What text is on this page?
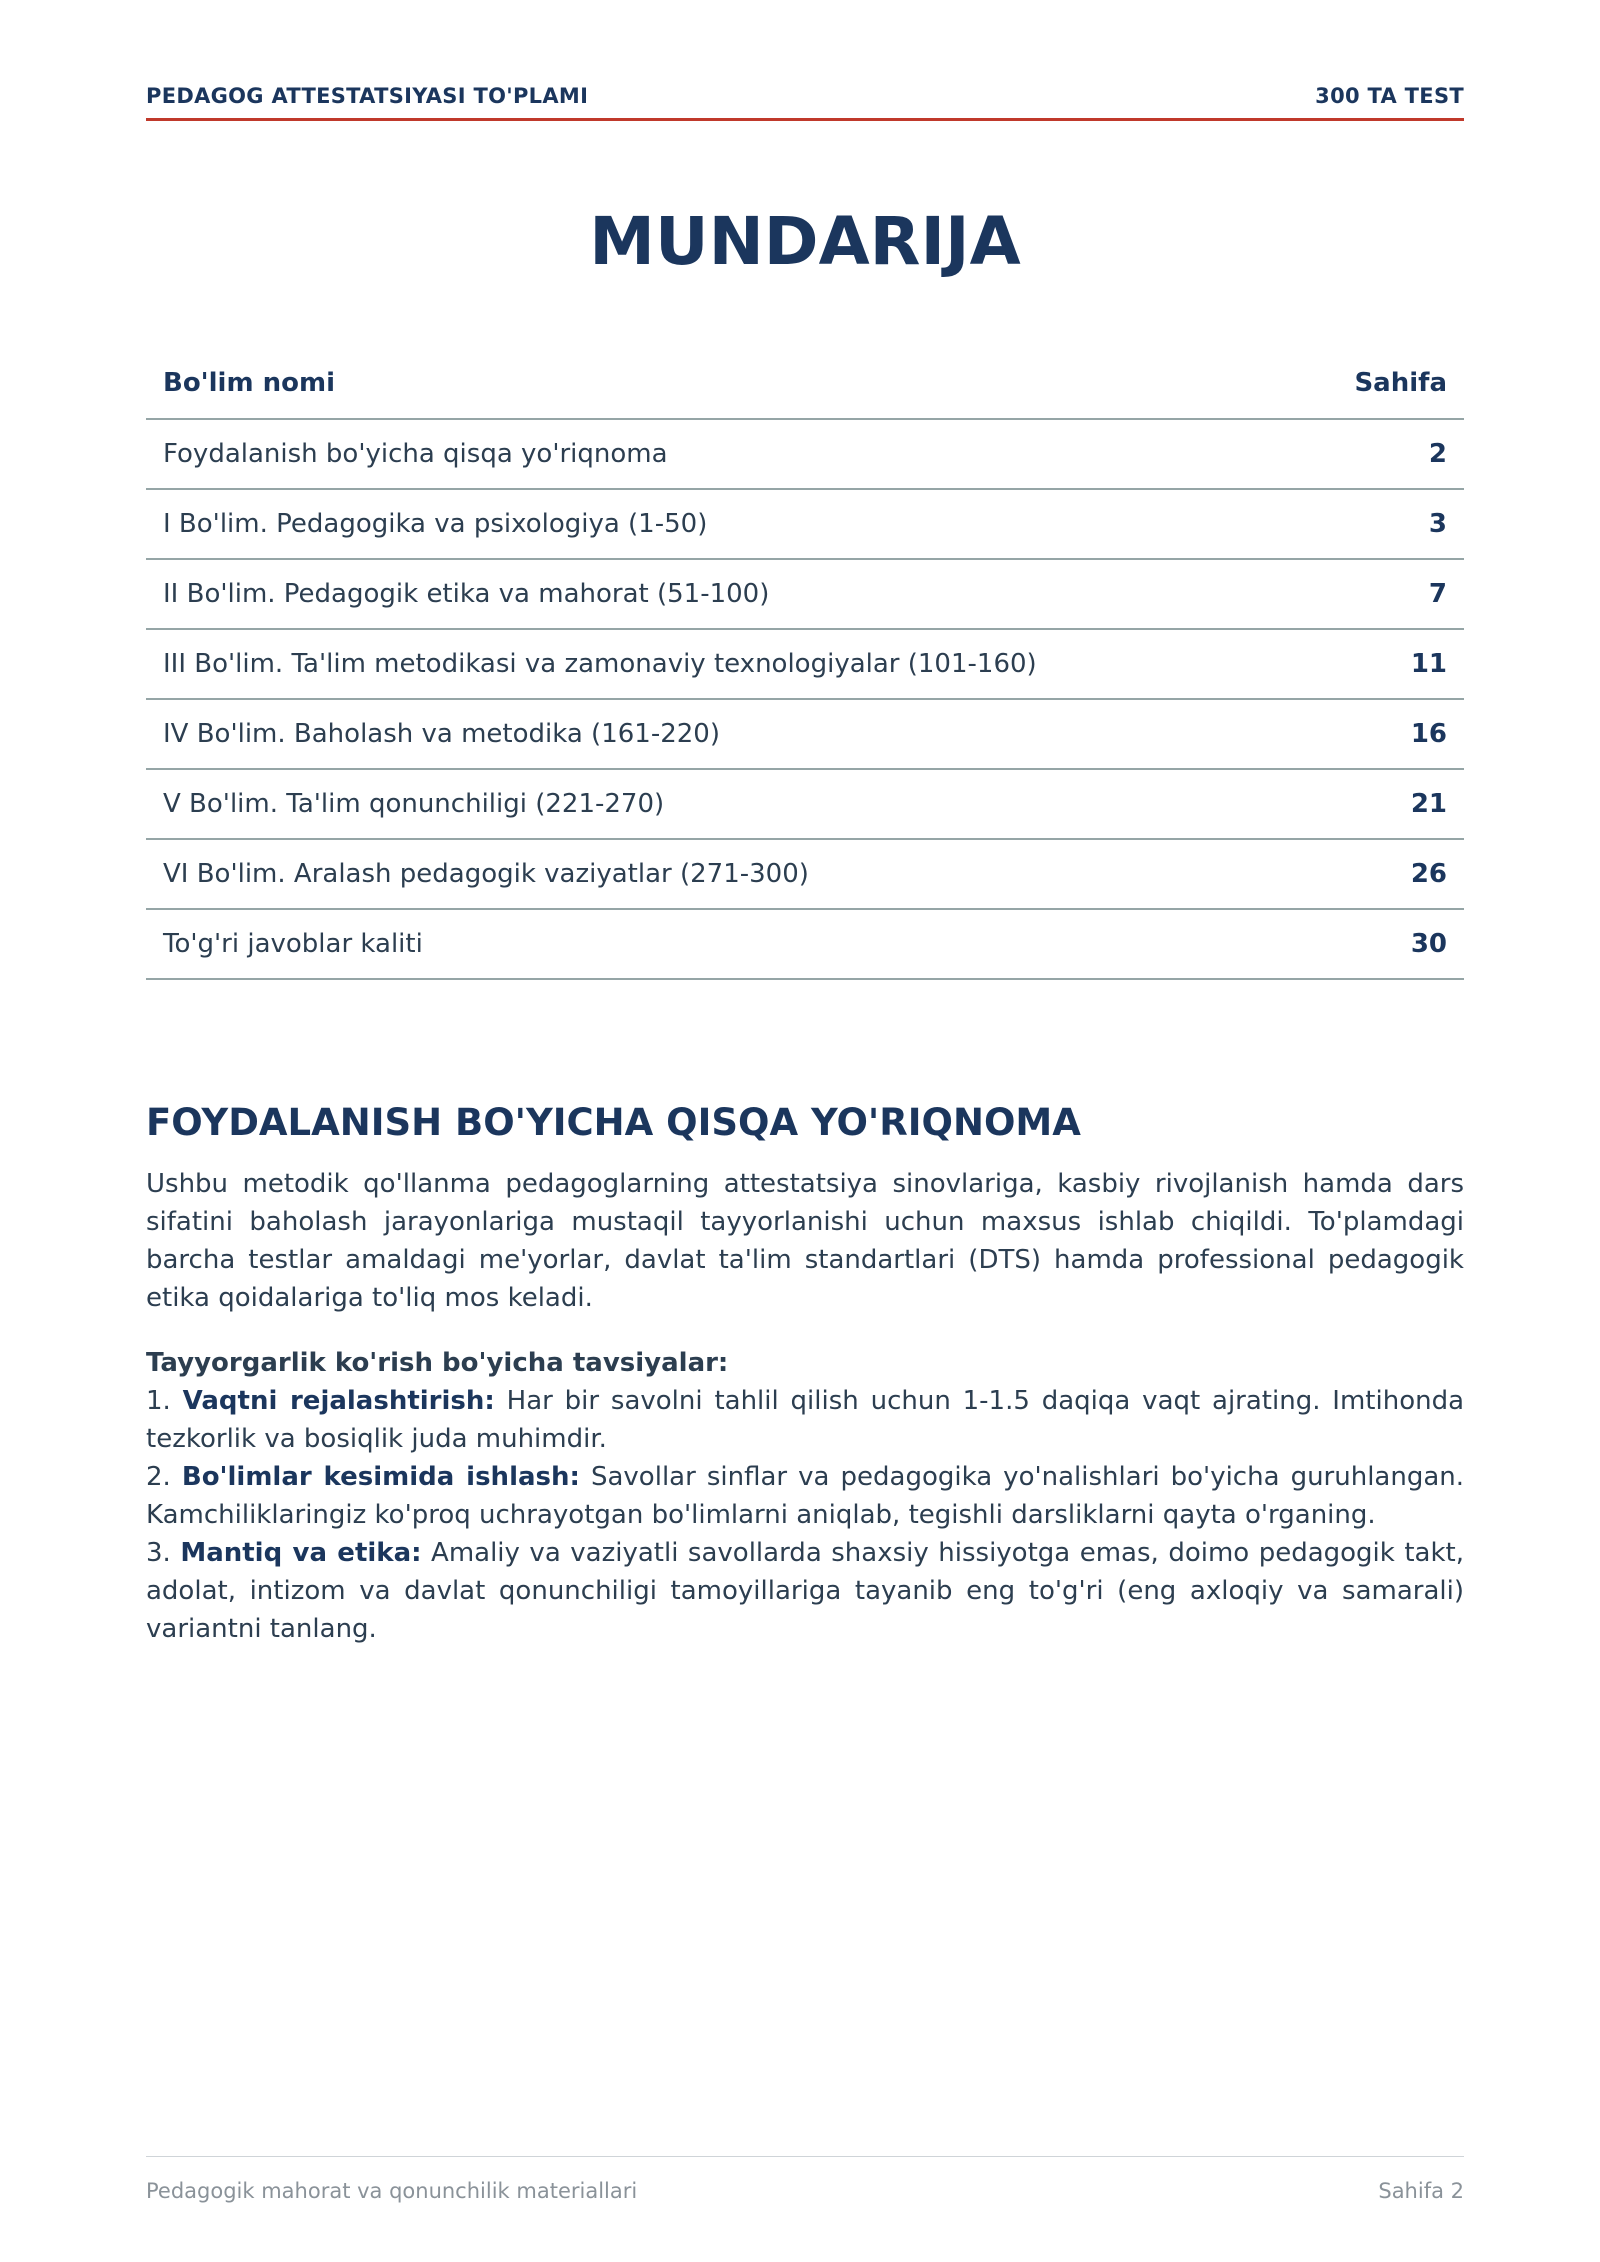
PEDAGOG ATTESTATSIYASI TO'PLAMI	300 TA TEST
MUNDARIJA
Bo'lim nomi	Sahifa
Foydalanish bo'yicha qisqa yo'riqnoma	2
I Bo'lim. Pedagogika va psixologiya (1-50)	3
II Bo'lim. Pedagogik etika va mahorat (51-100)	7
III Bo'lim. Ta'lim metodikasi va zamonaviy texnologiyalar (101-160)	11
IV Bo'lim. Baholash va metodika (161-220)	16
V Bo'lim. Ta'lim qonunchiligi (221-270)	21
VI Bo'lim. Aralash pedagogik vaziyatlar (271-300)	26
To'g'ri javoblar kaliti	30
FOYDALANISH BO'YICHA QISQA YO'RIQNOMA

Ushbu metodik qo'llanma pedagoglarning attestatsiya sinovlariga, kasbiy rivojlanish hamda dars sifatini baholash jarayonlariga mustaqil tayyorlanishi uchun maxsus ishlab chiqildi. To'plamdagi barcha testlar amaldagi me'yorlar, davlat ta'lim standartlari (DTS) hamda professional pedagogik etika qoidalariga to'liq mos keladi.

Tayyorgarlik ko'rish bo'yicha tavsiyalar:
1. Vaqtni rejalashtirish: Har bir savolni tahlil qilish uchun 1-1.5 daqiqa vaqt ajrating. Imtihonda tezkorlik va bosiqlik juda muhimdir.
2. Bo'limlar kesimida ishlash: Savollar sinflar va pedagogika yo'nalishlari bo'yicha guruhlangan. Kamchiliklaringiz ko'proq uchrayotgan bo'limlarni aniqlab, tegishli darsliklarni qayta o'rganing.
3. Mantiq va etika: Amaliy va vaziyatli savollarda shaxsiy hissiyotga emas, doimo pedagogik takt, adolat, intizom va davlat qonunchiligi tamoyillariga tayanib eng to'g'ri (eng axloqiy va samarali) variantni tanlang.

Pedagogik mahorat va qonunchilik materiallari	Sahifa 2
